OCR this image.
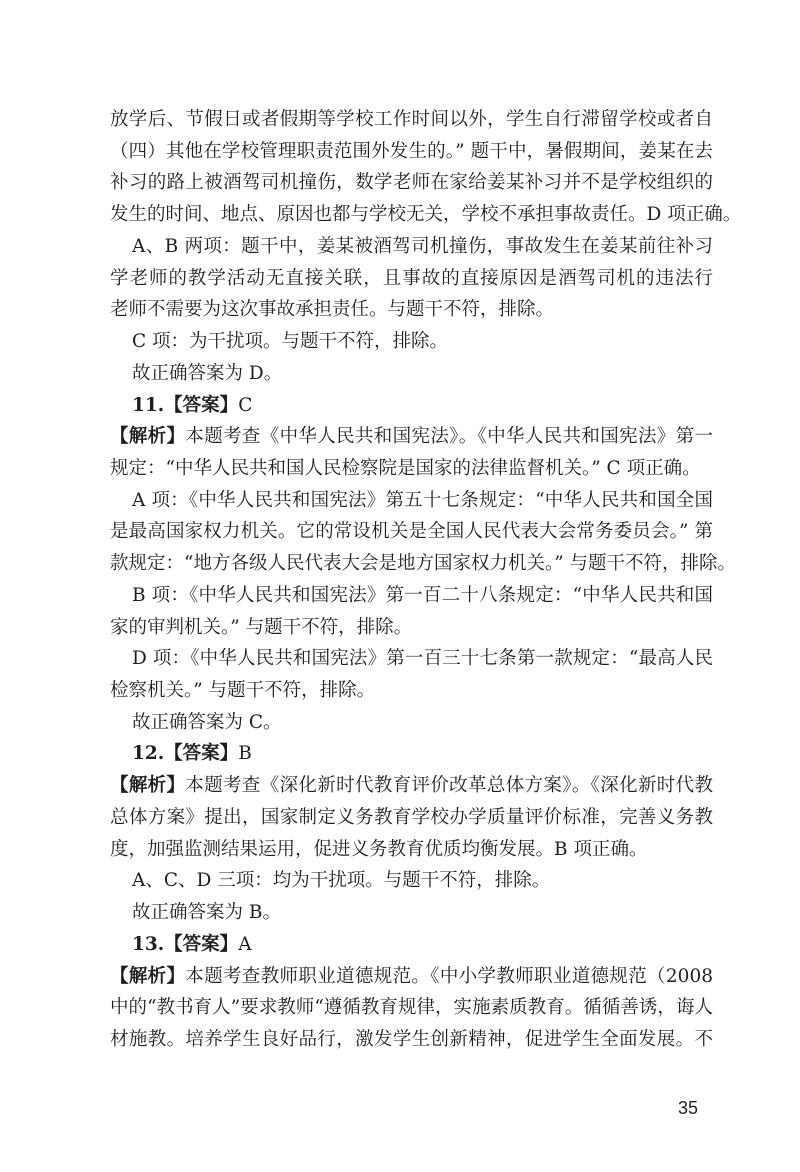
放学后、节假日或者假期等学校工作时间以外，学生自行滞留学校或者自
（四）其他在学校管理职责范围外发生的。” 题干中，暑假期间，姜某在去
补习的路上被酒驾司机撞伤，数学老师在家给姜某补习并不是学校组织的
发生的时间、地点、原因也都与学校无关，学校不承担事故责任。D 项正确。
A、B 两项：题干中，姜某被酒驾司机撞伤，事故发生在姜某前往补习
学老师的教学活动无直接关联，且事故的直接原因是酒驾司机的违法行
老师不需要为这次事故承担责任。与题干不符，排除。
C 项：为干扰项。与题干不符，排除。
故正确答案为 D。
11.【答案】C
【解析】本题考查《中华人民共和国宪法》。《中华人民共和国宪法》第一
规定：“中华人民共和国人民检察院是国家的法律监督机关。” C 项正确。
A 项：《中华人民共和国宪法》第五十七条规定：“中华人民共和国全国
是最高国家权力机关。它的常设机关是全国人民代表大会常务委员会。” 第
款规定：“地方各级人民代表大会是地方国家权力机关。” 与题干不符，排除。
B 项：《中华人民共和国宪法》第一百二十八条规定：“中华人民共和国
家的审判机关。” 与题干不符，排除。
D 项：《中华人民共和国宪法》第一百三十七条第一款规定：“最高人民
检察机关。” 与题干不符，排除。
故正确答案为 C。
12.【答案】B
【解析】本题考查《深化新时代教育评价改革总体方案》。《深化新时代教
总体方案》提出，国家制定义务教育学校办学质量评价标准，完善义务教
度，加强监测结果运用，促进义务教育优质均衡发展。B 项正确。
A、C、D 三项：均为干扰项。与题干不符，排除。
故正确答案为 B。
13.【答案】A
【解析】本题考查教师职业道德规范。《中小学教师职业道德规范（2008
中的“教书育人”要求教师“遵循教育规律，实施素质教育。循循善诱，诲人
材施教。培养学生良好品行，激发学生创新精神，促进学生全面发展。不
35
